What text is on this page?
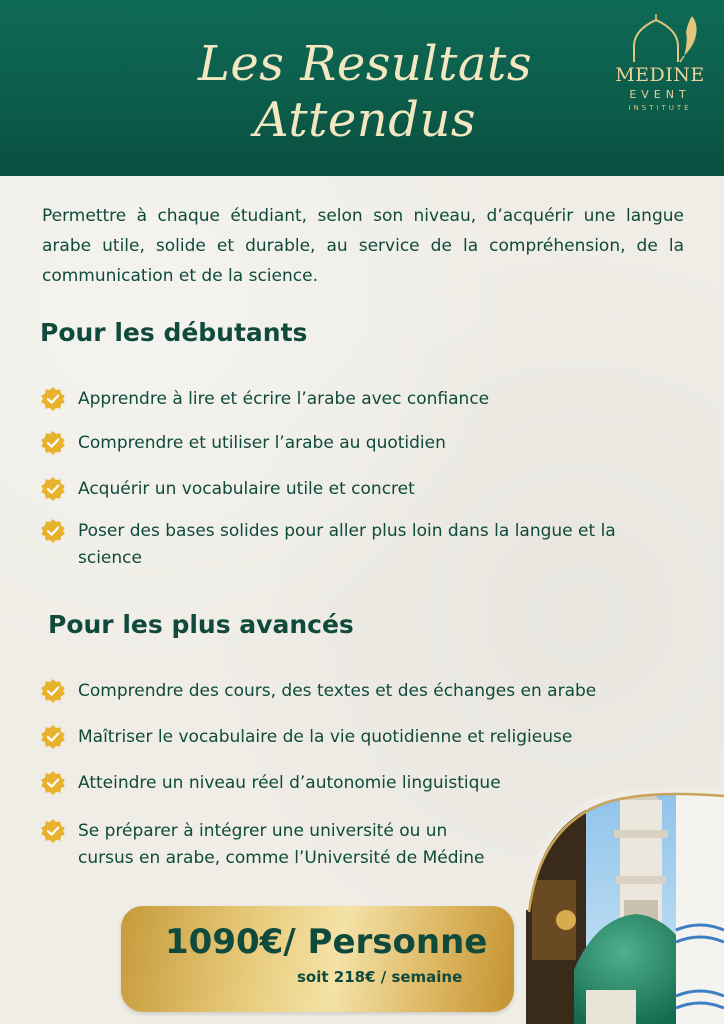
Les Resultats
Attendus
MEDINE
EVENT
INSTITUTE

Permettre à chaque étudiant, selon son niveau, d’acquérir une langue arabe utile, solide et durable, au service de la compréhension, de la communication et de la science.

Pour les débutants
Apprendre à lire et écrire l’arabe avec confiance
Comprendre et utiliser l’arabe au quotidien
Acquérir un vocabulaire utile et concret
Poser des bases solides pour aller plus loin dans la langue et la science
Pour les plus avancés
Comprendre des cours, des textes et des échanges en arabe
Maîtriser le vocabulaire de la vie quotidienne et religieuse
Atteindre un niveau réel d’autonomie linguistique
Se préparer à intégrer une université ou un cursus en arabe, comme l’Université de Médine
1090€/ Personne
soit 218€ / semaine
